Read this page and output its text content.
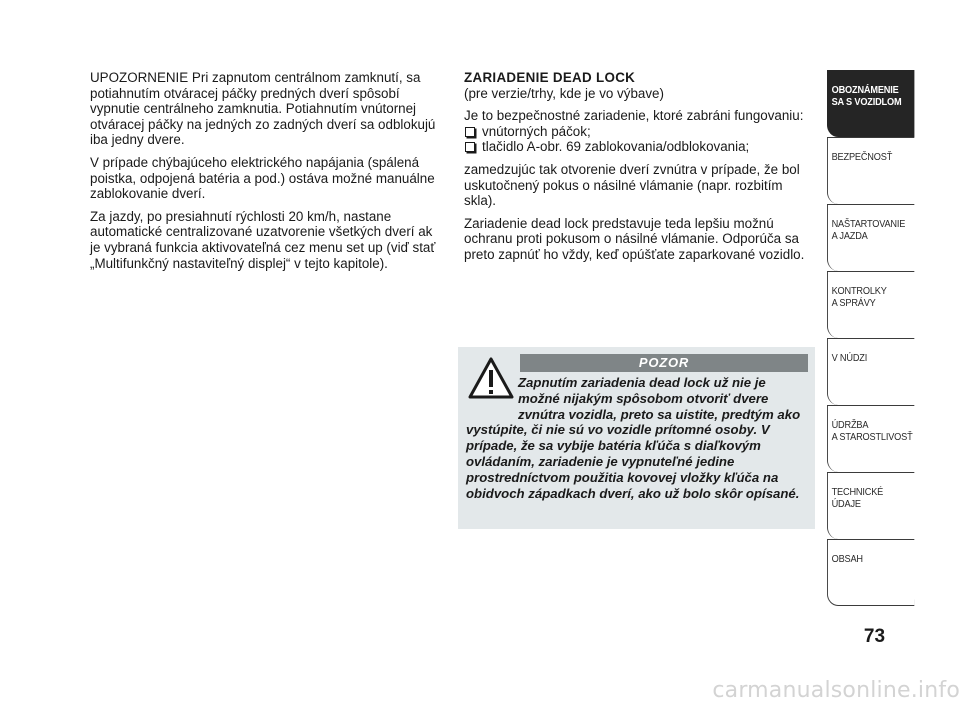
UPOZORNENIE Pri zapnutom centrálnom zamknutí, sa potiahnutím otváracej páčky predných dverí spôsobí vypnutie centrálneho zamknutia. Potiahnutím vnútornej otváracej páčky na jedných zo zadných dverí sa odblokujú iba jedny dvere.

V prípade chýbajúceho elektrického napájania (spálená poistka, odpojená batéria a pod.) ostáva možné manuálne zablokovanie dverí.

Za jazdy, po presiahnutí rýchlosti 20 km/h, nastane automatické centralizované uzatvorenie všetkých dverí ak je vybraná funkcia aktivovateľná cez menu set up (viď stať „Multifunkčný nastaviteľný displej“ v tejto kapitole).

ZARIADENIE DEAD LOCK

(pre verzie/trhy, kde je vo výbave)

Je to bezpečnostné zariadenie, ktoré zabráni fungovaniu:

vnútorných páčok;
tlačidlo A-obr. 69 zablokovania/odblokovania;

zamedzujúc tak otvorenie dverí zvnútra v prípade, že bol uskutočnený pokus o násilné vlámanie (napr. rozbitím skla).

Zariadenie dead lock predstavuje teda lepšiu možnú ochranu proti pokusom o násilné vlámanie. Odporúča sa preto zapnúť ho vždy, keď opúšťate zaparkované vozidlo.

POZOR
Zapnutím zariadenia dead lock už nie je možné nijakým spôsobom otvoriť dvere zvnútra vozidla, preto sa uistite, predtým ako vystúpite, či nie sú vo vozidle prítomné osoby. V prípade, že sa vybije batéria kľúča s diaľkovým ovládaním, zariadenie je vypnuteľné jedine prostredníctvom použitia kovovej vložky kľúča na obidvoch západkach dverí, ako už bolo skôr opísané.
OBOZNÁMENIE
SA S VOZIDLOM
BEZPEČNOSŤ
NAŠTARTOVANIE
A JAZDA
KONTROLKY
A SPRÁVY
V NÚDZI
ÚDRŽBA
A STAROSTLIVOSŤ
TECHNICKÉ
ÚDAJE
OBSAH
73
carmanualsonline.info
